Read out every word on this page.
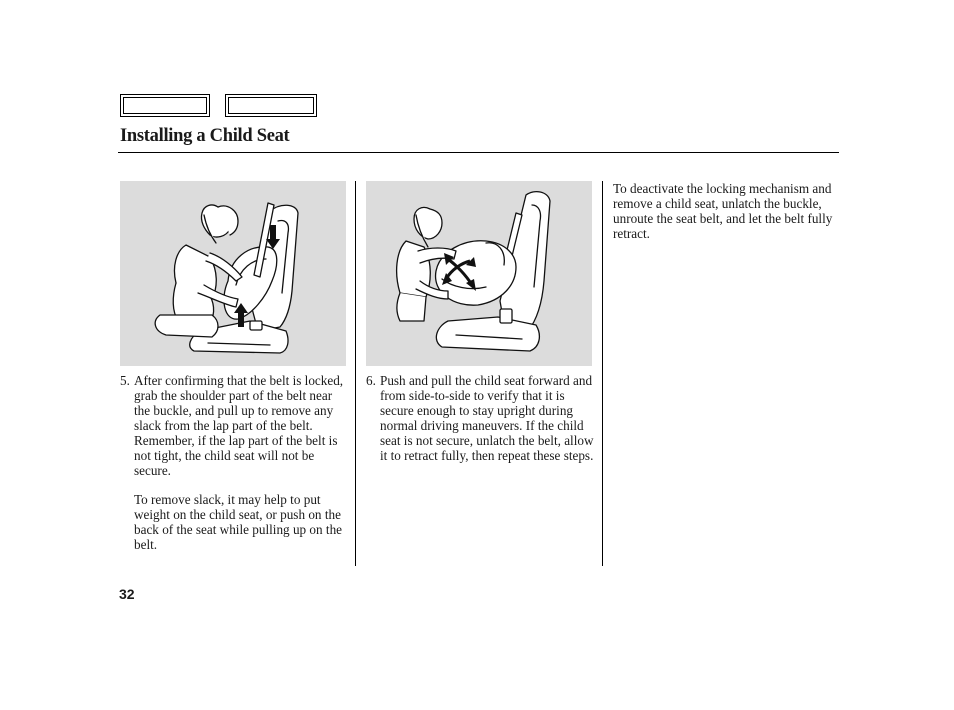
Installing a Child Seat
5. After confirming that the belt is locked, grab the shoulder part of the belt near the buckle, and pull up to remove any slack from the lap part of the belt. Remember, if the lap part of the belt is not tight, the child seat will not be secure.
To remove slack, it may help to put weight on the child seat, or push on the back of the seat while pulling up on the belt.
6. Push and pull the child seat forward and from side-to-side to verify that it is secure enough to stay upright during normal driving maneuvers. If the child seat is not secure, unlatch the belt, allow it to retract fully, then repeat these steps.
To deactivate the locking mechanism and remove a child seat, unlatch the buckle, unroute the seat belt, and let the belt fully retract.
32
